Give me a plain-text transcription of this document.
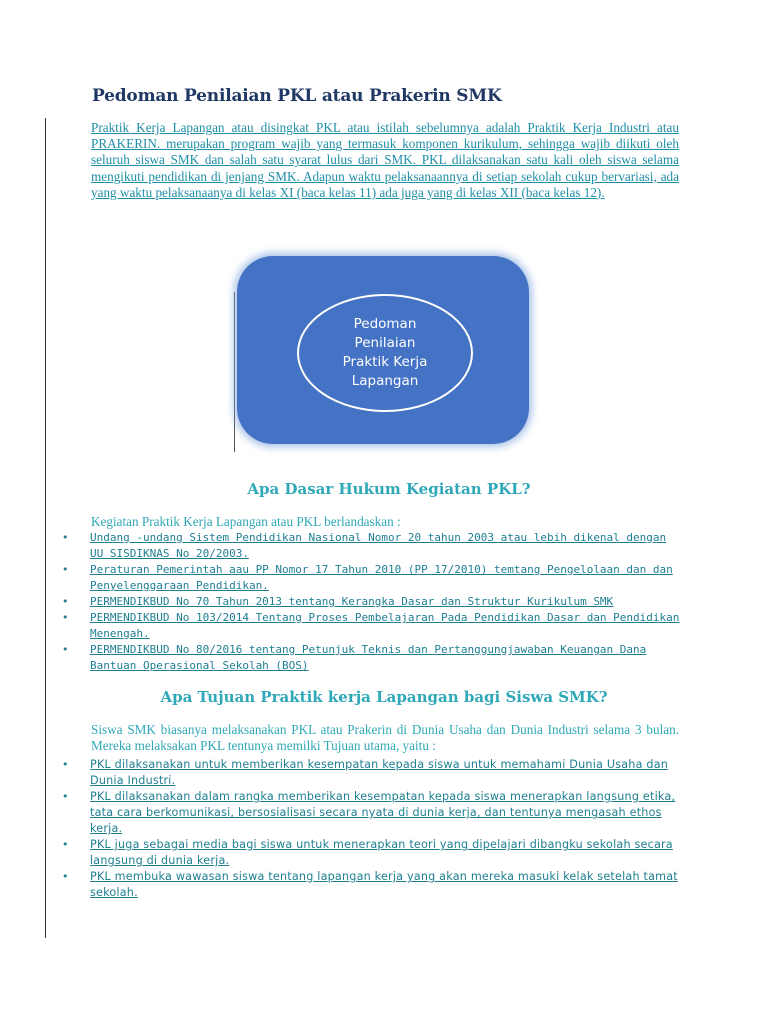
Pedoman Penilaian PKL atau Prakerin SMK

Praktik Kerja Lapangan atau disingkat PKL atau istilah sebelumnya adalah Praktik Kerja Industri atau PRAKERIN. merupakan program wajib yang termasuk komponen kurikulum, sehingga wajib diikuti oleh seluruh siswa SMK dan salah satu syarat lulus dari SMK. PKL dilaksanakan satu kali oleh siswa selama mengikuti pendidikan di jenjang SMK. Adapun waktu pelaksanaannya di setiap sekolah cukup bervariasi, ada yang waktu pelaksanaanya di kelas XI (baca kelas 11) ada juga yang di kelas XII (baca kelas 12).

Pedoman
Penilaian
Praktik Kerja
Lapangan
Apa Dasar Hukum Kegiatan PKL?

Kegiatan Praktik Kerja Lapangan atau PKL berlandaskan :

• Undang -undang Sistem Pendidikan Nasional Nomor 20 tahun 2003 atau lebih dikenal dengan UU SISDIKNAS No 20/2003.
• Peraturan Pemerintah aau PP Nomor 17 Tahun 2010 (PP 17/2010) temtang Pengelolaan dan dan Penyelenggaraan Pendidikan.
• PERMENDIKBUD No 70 Tahun 2013 tentang Kerangka Dasar dan Struktur Kurikulum SMK
• PERMENDIKBUD No 103/2014 Tentang Proses Pembelajaran Pada Pendidikan Dasar dan Pendidikan Menengah.
• PERMENDIKBUD No 80/2016 tentang Petunjuk Teknis dan Pertanggungjawaban Keuangan Dana Bantuan Operasional Sekolah (BOS)
Apa Tujuan Praktik kerja Lapangan bagi Siswa SMK?

Siswa SMK biasanya melaksanakan PKL atau Prakerin di Dunia Usaha dan Dunia Industri selama 3 bulan. Mereka melaksakan PKL tentunya memilki Tujuan utama, yaitu :

• PKL dilaksanakan untuk memberikan kesempatan kepada siswa untuk memahami Dunia Usaha dan Dunia Industri.
• PKL dilaksanakan dalam rangka memberikan kesempatan kepada siswa menerapkan langsung etika, tata cara berkomunikasi, bersosialisasi secara nyata di dunia kerja, dan tentunya mengasah ethos kerja.
• PKL juga sebagai media bagi siswa untuk menerapkan teori yang dipelajari dibangku sekolah secara langsung di dunia kerja.
• PKL membuka wawasan siswa tentang lapangan kerja yang akan mereka masuki kelak setelah tamat sekolah.
